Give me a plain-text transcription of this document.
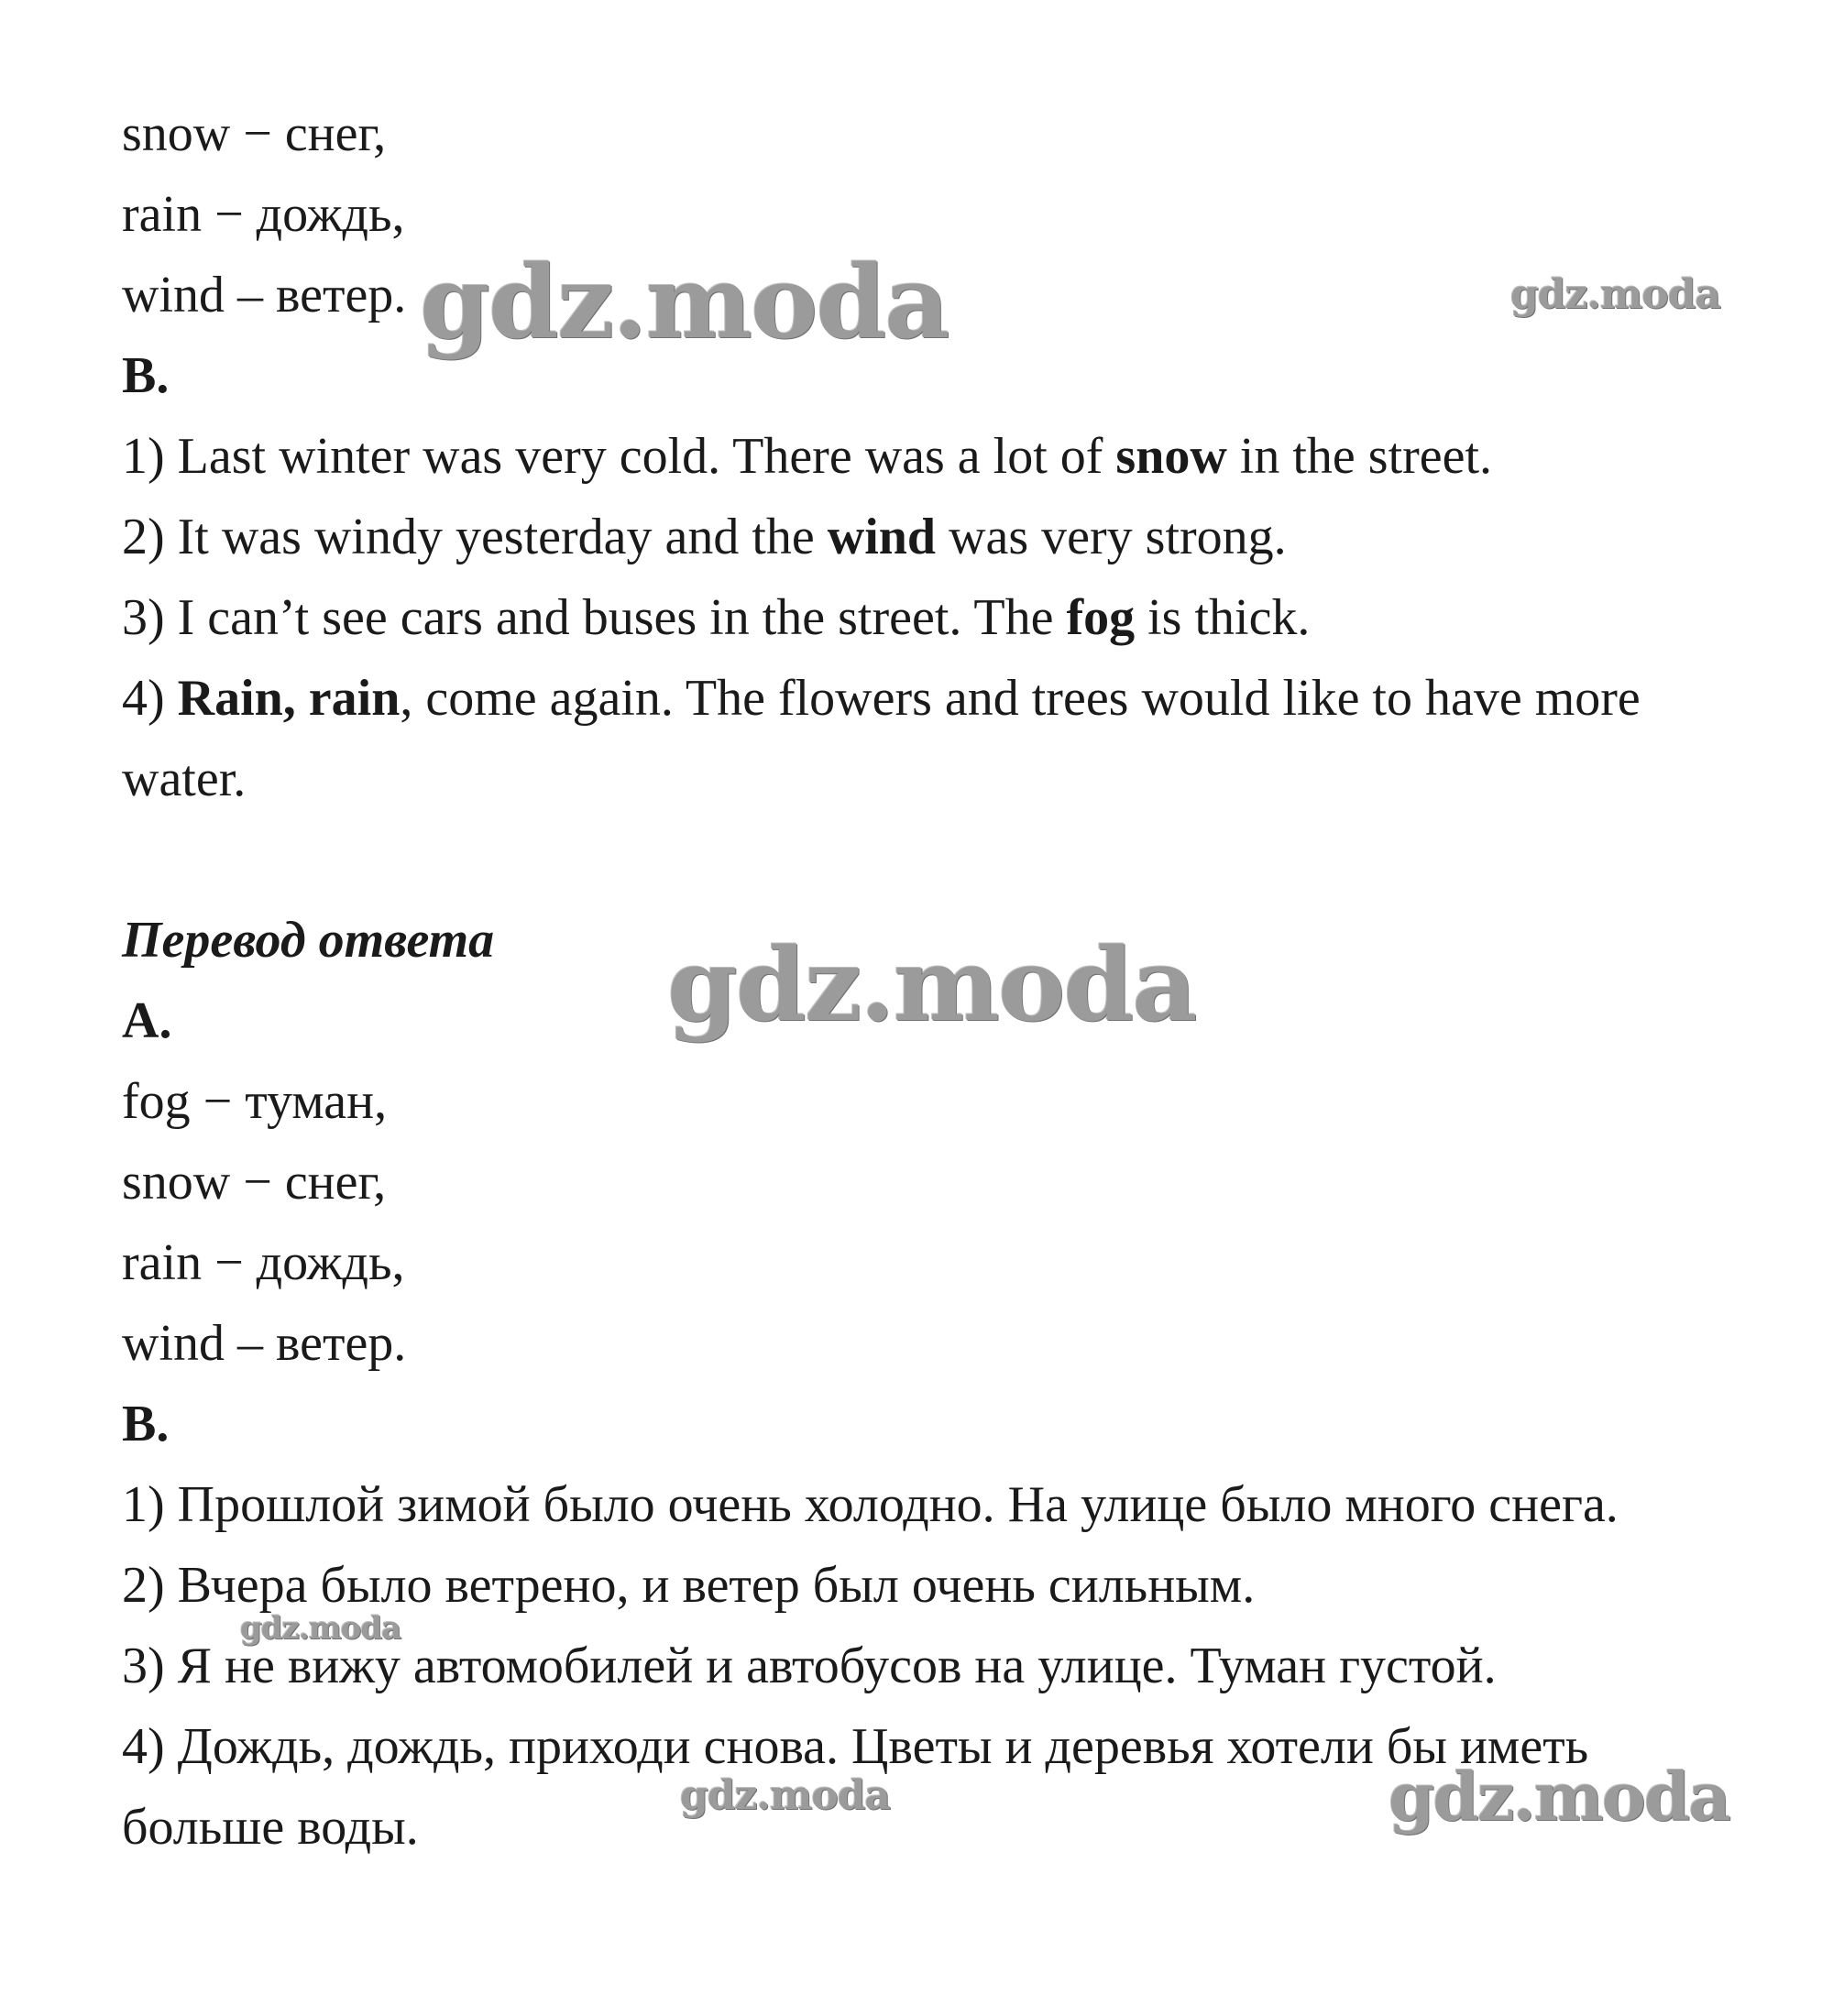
snow − снег,
rain − дождь,
wind – ветер.
B.
1) Last winter was very cold. There was a lot of snow in the street.
2) It was windy yesterday and the wind was very strong.
3) I can’t see cars and buses in the street. The fog is thick.
4) Rain, rain, come again. The flowers and trees would like to have more
water.
Перевод ответа
A.
fog − туман,
snow − снег,
rain − дождь,
wind – ветер.
B.
1) Прошлой зимой было очень холодно. На улице было много снега.
2) Вчера было ветрено, и ветер был очень сильным.
3) Я не вижу автомобилей и автобусов на улице. Туман густой.
4) Дождь, дождь, приходи снова. Цветы и деревья хотели бы иметь
больше воды.
gdz.moda	gdz.moda
gdz.moda
gdz.moda
gdz.moda	gdz.moda
